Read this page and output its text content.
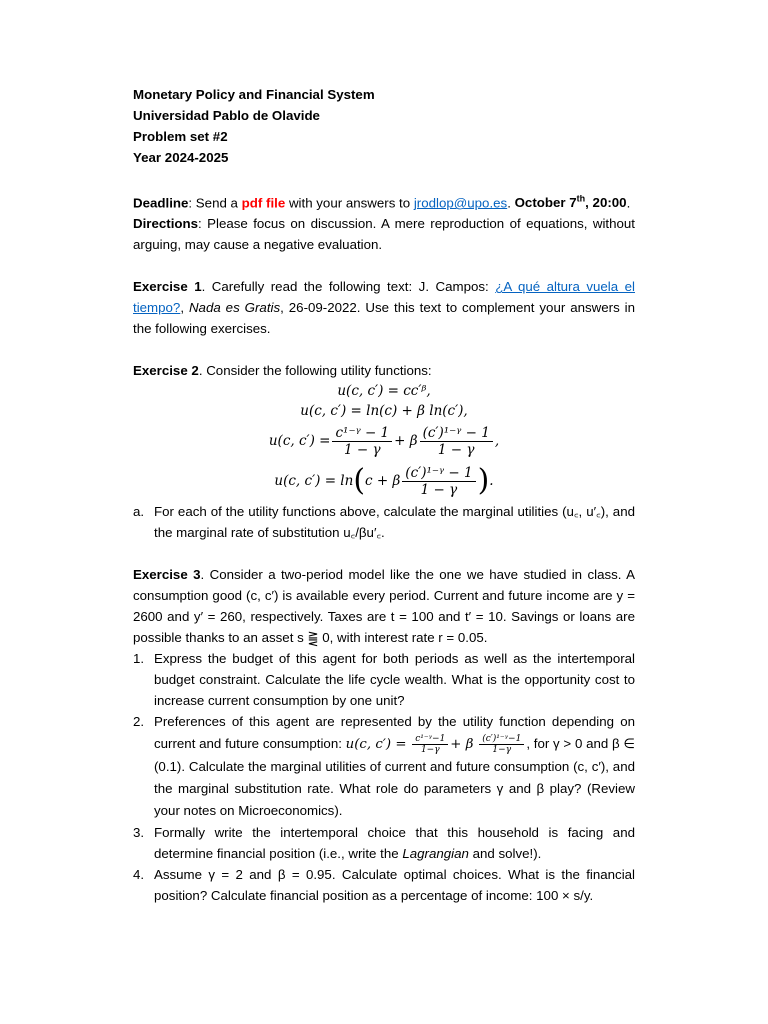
Monetary Policy and Financial System

Universidad Pablo de Olavide

Problem set #2

Year 2024-2025

Deadline: Send a pdf file with your answers to jrodlop@upo.es. October 7th, 20:00.

Directions: Please focus on discussion. A mere reproduction of equations, without arguing, may cause a negative evaluation.

Exercise 1. Carefully read the following text: J. Campos: ¿A qué altura vuela el tiempo?, Nada es Gratis, 26-09-2022. Use this text to complement your answers in the following exercises.

Exercise 2. Consider the following utility functions:

u(c, c′) = cc′ᵝ,
u(c, c′) = ln(c) + β ln(c′),
u(c, $c') = \frac{\text{c¹⁻ᵞ − 1}}{1 - \gamma} + \beta \frac{\text{(c′)¹⁻ᵞ − 1}}{1 - \gamma}$ ,
u(c, c′) = ln ( c + β $\frac{\text{(c′)¹⁻ᵞ − 1}}{1 - \gamma}$ ) .
a. For each of the utility functions above, calculate the marginal utilities (u꜀, u′꜀), and the marginal rate of substitution u꜀/βu′꜀.

Exercise 3. Consider a two-period model like the one we have studied in class. A consumption good (c, c′) is available every period. Current and future income are y = 2600 and y′ = 260, respectively. Taxes are t = 100 and t′ = 10. Savings or loans are possible thanks to an asset s ⪌ 0, with interest rate r = 0.05.

1. Express the budget of this agent for both periods as well as the intertemporal budget constraint. Calculate the life cycle wealth. What is the opportunity cost to increase current consumption by one unit?
2. Preferences of this agent are represented by the utility function depending on current and future consumption: u(c, $c') = \frac{\text{c¹⁻ᵞ−1}}{1-\gamma} + \beta \frac{\text{(c′)¹⁻ᵞ−1}}{1-\gamma}$ , for γ > 0 and β ∈ (0.1). Calculate the marginal utilities of current and future consumption (c, c′), and the marginal substitution rate. What role do parameters γ and β play? (Review your notes on Microeconomics).
3. Formally write the intertemporal choice that this household is facing and determine financial position (i.e., write the Lagrangian and solve!).
4. Assume γ = 2 and β = 0.95. Calculate optimal choices. What is the financial position? Calculate financial position as a percentage of income: 100 × s/y.
